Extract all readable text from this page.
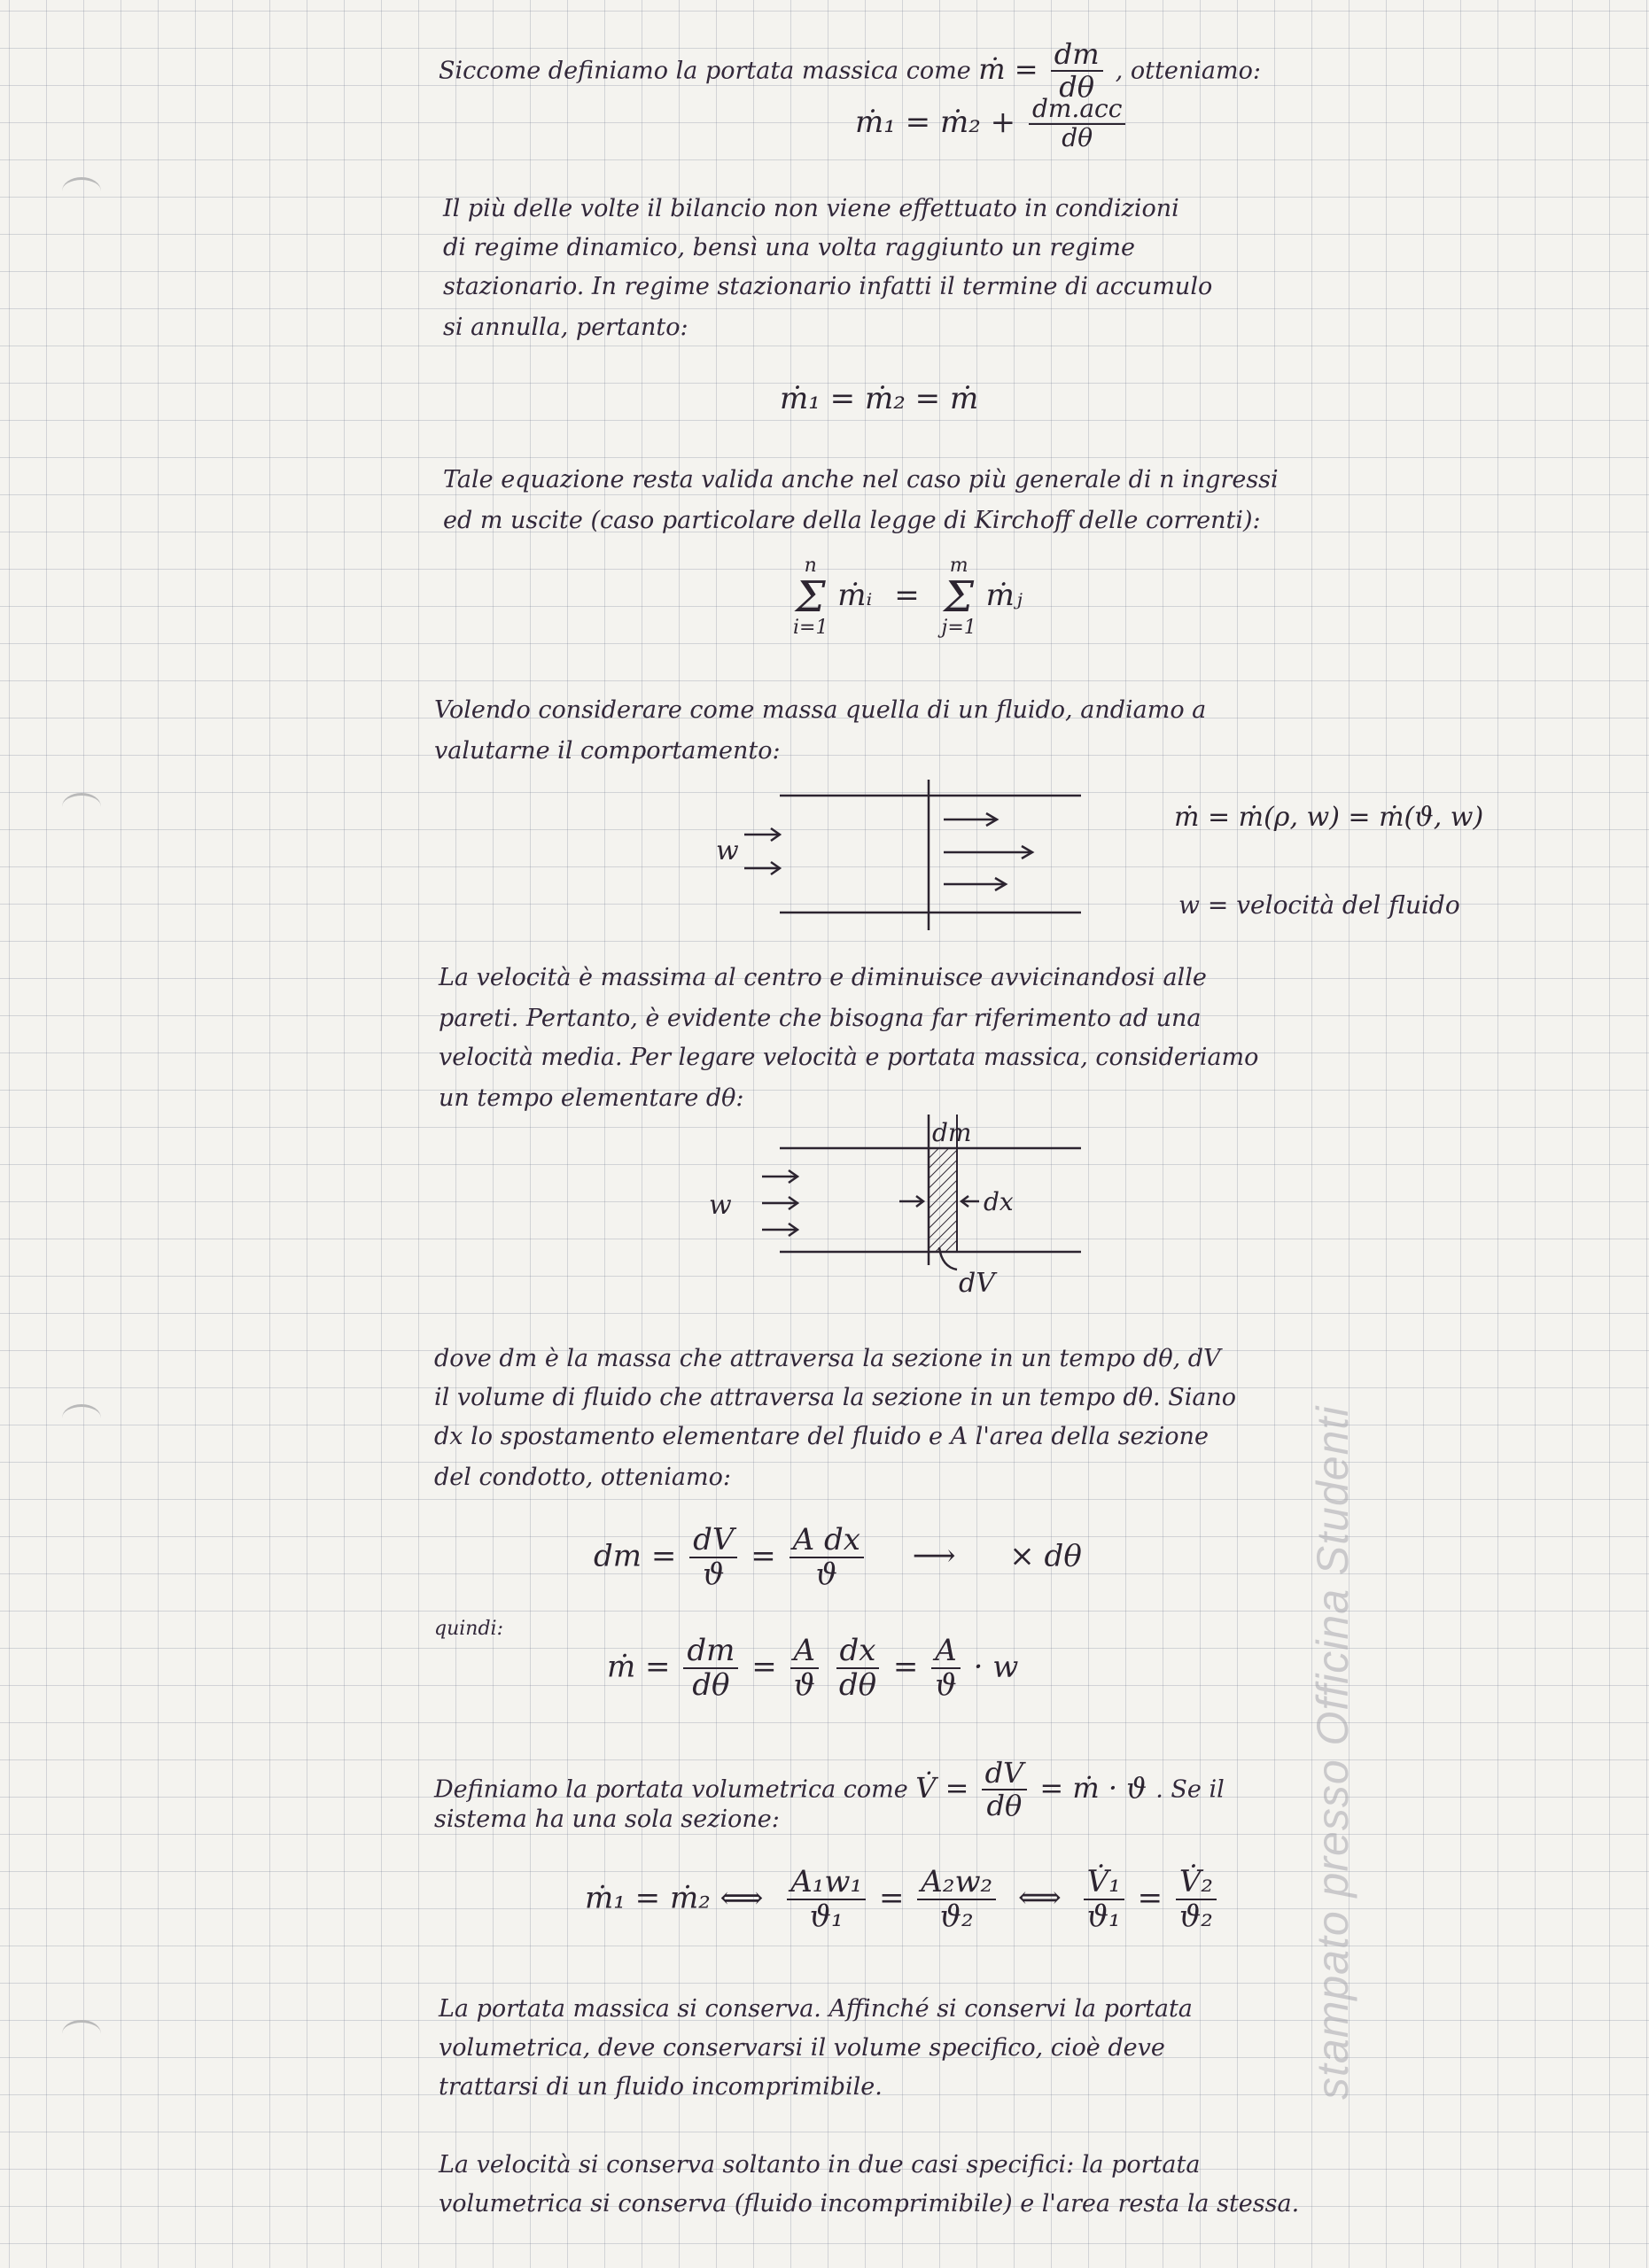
Siccome definiamo la portata massica come ṁ = $\frac{dm}{d\theta}$ , otteniamo:
ṁ₁ = ṁ₂ + $\frac{\text{dm.acc}}{d\theta}$
Il più delle volte il bilancio non viene effettuato in condizioni
di regime dinamico, bensì una volta raggiunto un regime
stazionario. In regime stazionario infatti il termine di accumulo
si annulla, pertanto:
ṁ₁ = ṁ₂ = ṁ
Tale equazione resta valida anche nel caso più generale di n ingressi
ed m uscite (caso particolare della legge di Kirchoff delle correnti):
n
Σ
i=1
ṁᵢ =
m
Σ
j=1
ṁⱼ
Volendo considerare come massa quella di un fluido, andiamo a
valutarne il comportamento:
w
ṁ = ṁ(ρ, w) = ṁ(ϑ, w)
w = velocità del fluido
La velocità è massima al centro e diminuisce avvicinandosi alle
pareti. Pertanto, è evidente che bisogna far riferimento ad una
velocità media. Per legare velocità e portata massica, consideriamo
un tempo elementare dθ:
dm
dx
dV
w
dove dm è la massa che attraversa la sezione in un tempo dθ, dV
il volume di fluido che attraversa la sezione in un tempo dθ. Siano
dx lo spostamento elementare del fluido e A l'area della sezione
del condotto, otteniamo:
dm = $\frac{dV}{ϑ} = \frac{\text{A dx}}{ϑ}$ ⟶ × dθ
quindi:
ṁ = $\frac{dm}{d\theta} = \frac{A}{ϑ}$
$\frac{dx}{d\theta} = \frac{A}{ϑ} \cdot w$
Definiamo la portata volumetrica come V̇ = $\frac{dV}{d\theta}$ = ṁ · ϑ . Se il
sistema ha una sola sezione:
ṁ₁ = ṁ₂ ⟺ $\frac{\text{A₁w₁}}{\text{ϑ₁}} = \frac{\text{A₂w₂}}{\text{ϑ₂}}$ ⟺ $\frac{\text{V̇₁}}{\text{ϑ₁}} = \frac{\text{V̇₂}}{\text{ϑ₂}}$
La portata massica si conserva. Affinché si conservi la portata
volumetrica, deve conservarsi il volume specifico, cioè deve
trattarsi di un fluido incomprimibile.
La velocità si conserva soltanto in due casi specifici: la portata
volumetrica si conserva (fluido incomprimibile) e l'area resta la stessa.
stampato presso Officina Studenti
